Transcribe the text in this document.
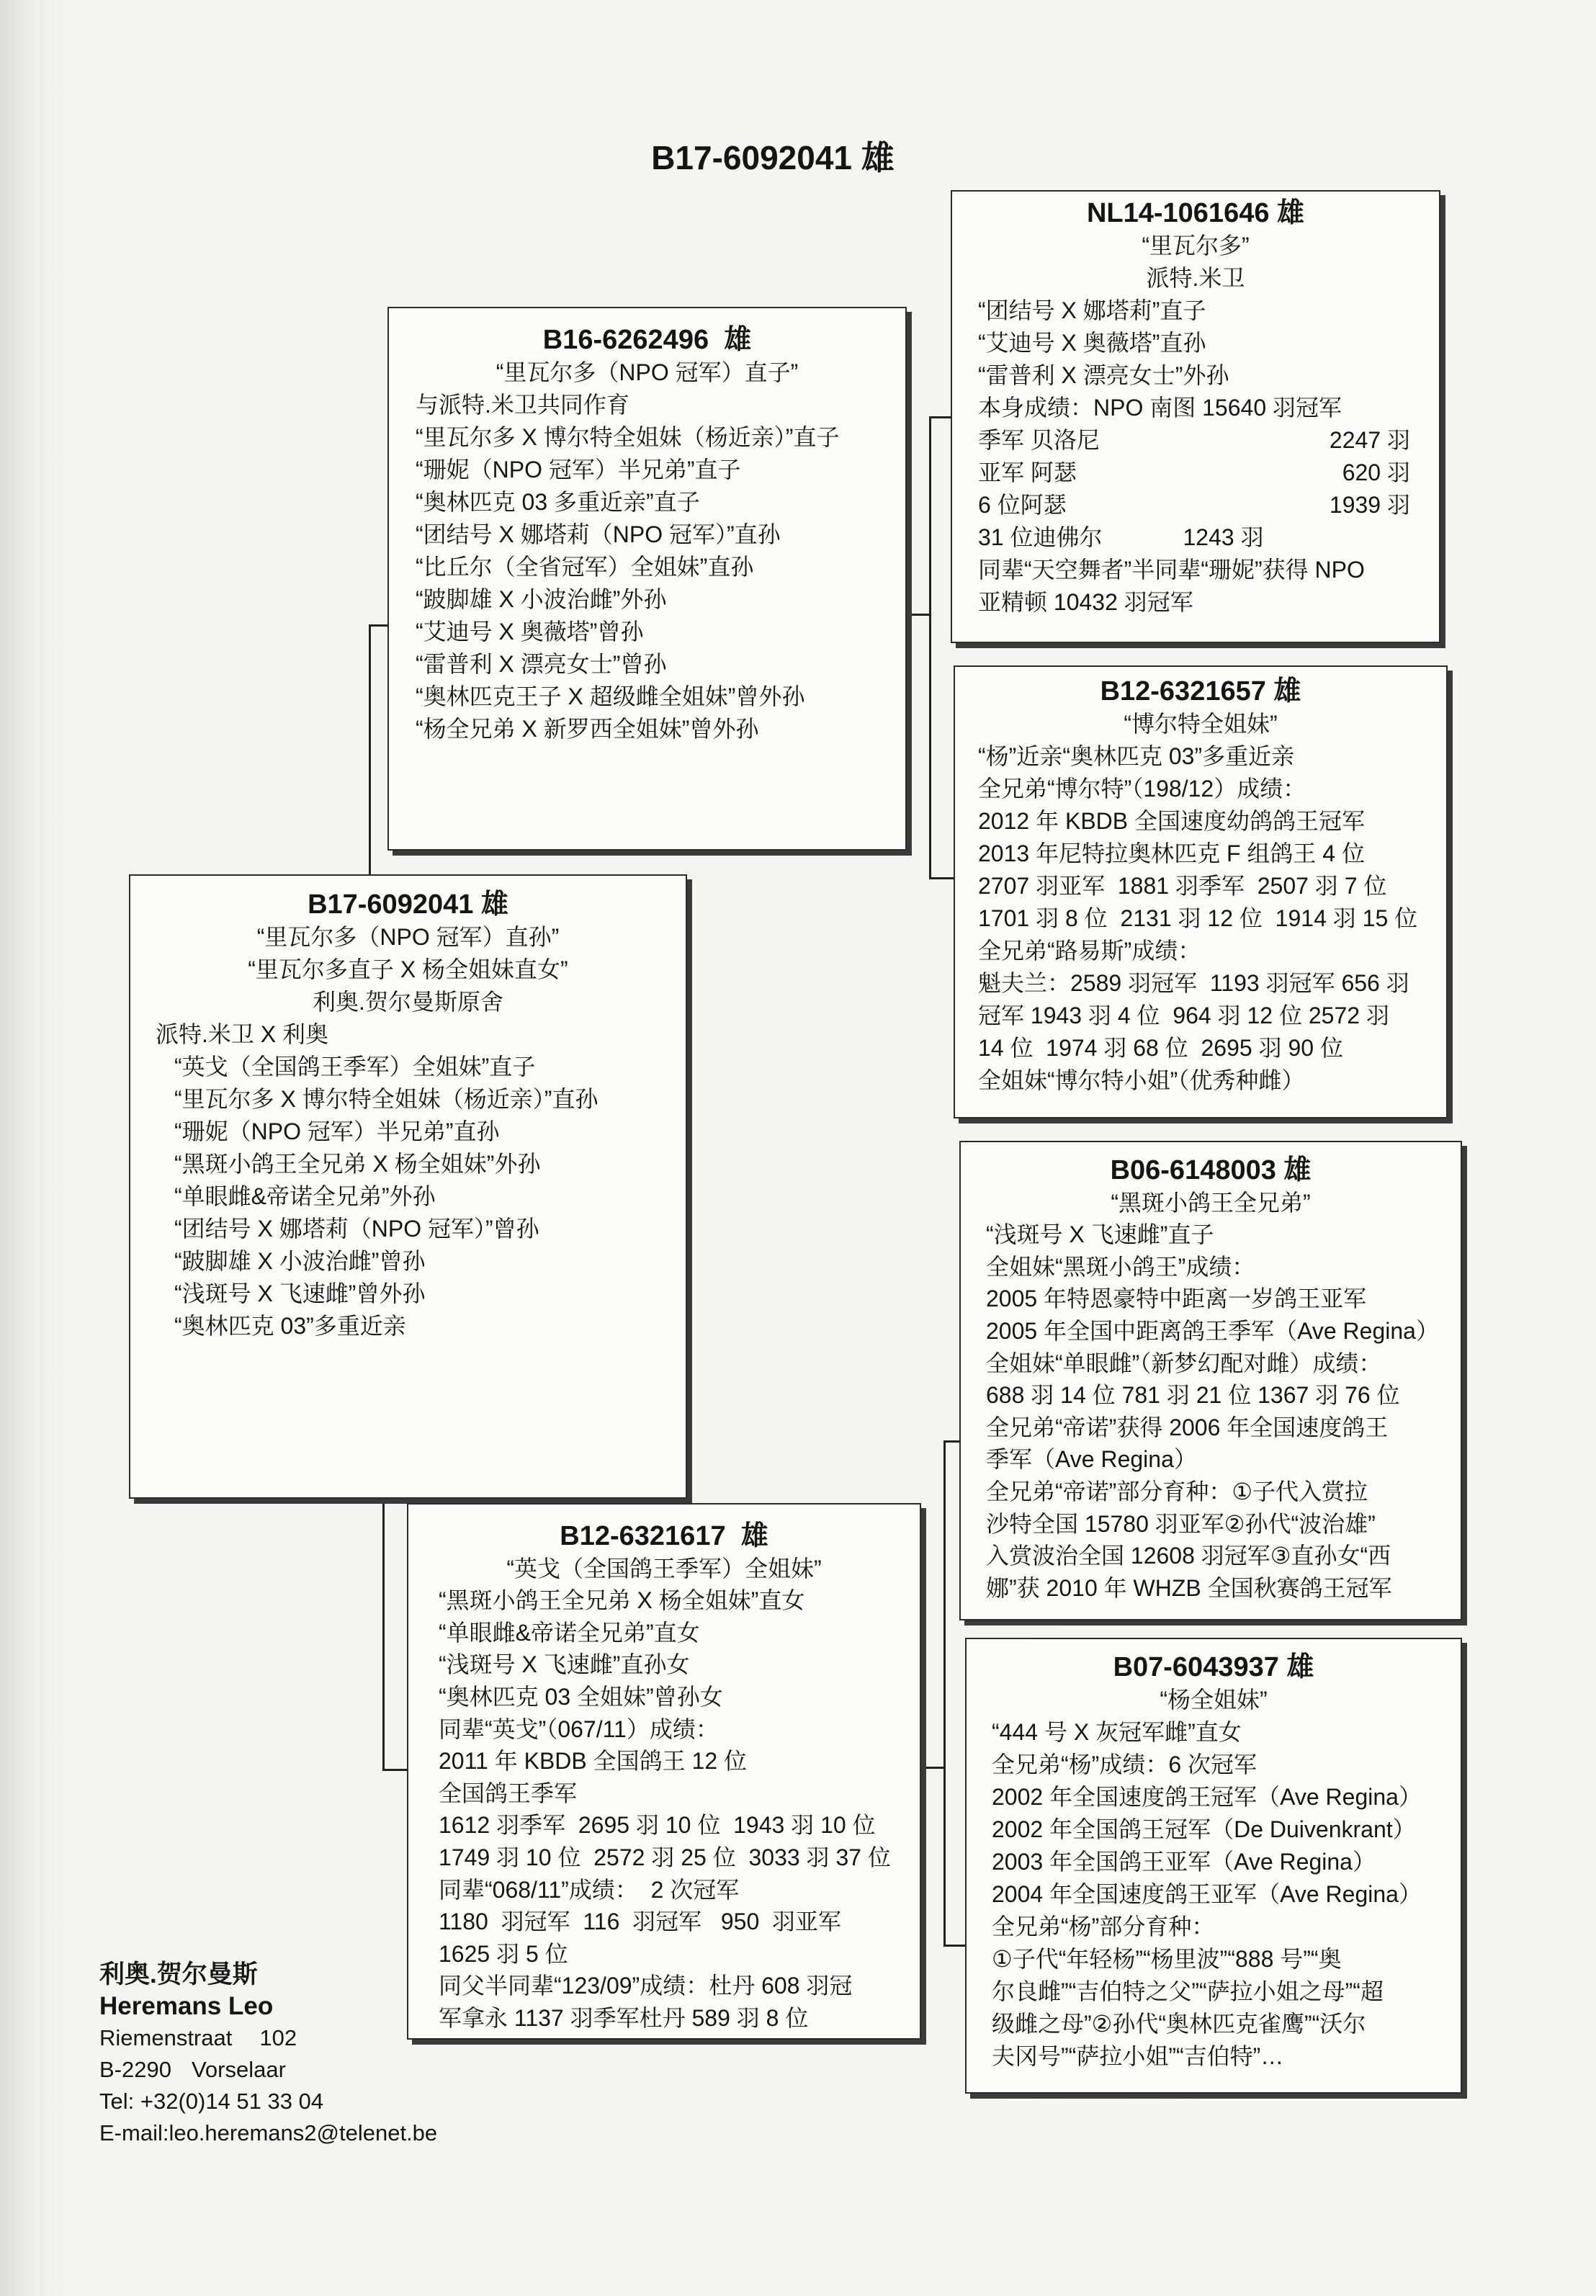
B17-6092041 雄
NL14-1061646 雄
“里瓦尔多”
派特.米卫
“团结号 X 娜塔莉”直子
“艾迪号 X 奥薇塔”直孙
“雷普利 X 漂亮女士”外孙
本身成绩：NPO 南图 15640 羽冠军
季军 贝洛尼	2247 羽
亚军 阿瑟	620 羽
6 位阿瑟	1939 羽
31 位迪佛尔	1243 羽
同辈“天空舞者”半同辈“珊妮”获得 NPO
亚精顿 10432 羽冠军
B16-6262496  雄
“里瓦尔多（NPO 冠军）直子”
与派特.米卫共同作育
“里瓦尔多 X 博尔特全姐妹（杨近亲）”直子
“珊妮（NPO 冠军）半兄弟”直子
“奥林匹克 03 多重近亲”直子
“团结号 X 娜塔莉（NPO 冠军）”直孙
“比丘尔（全省冠军）全姐妹”直孙
“跛脚雄 X 小波治雌”外孙
“艾迪号 X 奥薇塔”曾孙
“雷普利 X 漂亮女士”曾孙
“奥林匹克王子 X 超级雌全姐妹”曾外孙
“杨全兄弟 X 新罗西全姐妹”曾外孙
B12-6321657 雄
“博尔特全姐妹”
“杨”近亲“奥林匹克 03”多重近亲
全兄弟“博尔特”（198/12）成绩：
2012 年 KBDB 全国速度幼鸽鸽王冠军
2013 年尼特拉奥林匹克 F 组鸽王 4 位
2707 羽亚军  1881 羽季军  2507 羽 7 位
1701 羽 8 位  2131 羽 12 位  1914 羽 15 位
全兄弟“路易斯”成绩：
魁夫兰：2589 羽冠军  1193 羽冠军 656 羽
冠军 1943 羽 4 位  964 羽 12 位 2572 羽
14 位  1974 羽 68 位  2695 羽 90 位
全姐妹“博尔特小姐”（优秀种雌）
B17-6092041 雄
“里瓦尔多（NPO 冠军）直孙”
“里瓦尔多直子 X 杨全姐妹直女”
利奥.贺尔曼斯原舍
派特.米卫 X 利奥
“英戈（全国鸽王季军）全姐妹”直子
“里瓦尔多 X 博尔特全姐妹（杨近亲）”直孙
“珊妮（NPO 冠军）半兄弟”直孙
“黑斑小鸽王全兄弟 X 杨全姐妹”外孙
“单眼雌&帝诺全兄弟”外孙
“团结号 X 娜塔莉（NPO 冠军）”曾孙
“跛脚雄 X 小波治雌”曾孙
“浅斑号 X 飞速雌”曾外孙
“奥林匹克 03”多重近亲
B06-6148003 雄
“黑斑小鸽王全兄弟”
“浅斑号 X 飞速雌”直子
全姐妹“黑斑小鸽王”成绩：
2005 年特恩豪特中距离一岁鸽王亚军
2005 年全国中距离鸽王季军（Ave Regina）
全姐妹“单眼雌”（新梦幻配对雌）成绩：
688 羽 14 位 781 羽 21 位 1367 羽 76 位
全兄弟“帝诺”获得 2006 年全国速度鸽王
季军（Ave Regina）
全兄弟“帝诺”部分育种：①子代入赏拉
沙特全国 15780 羽亚军②孙代“波治雄”
入赏波治全国 12608 羽冠军③直孙女“西
娜”获 2010 年 WHZB 全国秋赛鸽王冠军
B12-6321617  雄
“英戈（全国鸽王季军）全姐妹”
“黑斑小鸽王全兄弟 X 杨全姐妹”直女
“单眼雌&帝诺全兄弟”直女
“浅斑号 X 飞速雌”直孙女
“奥林匹克 03 全姐妹”曾孙女
同辈“英戈”（067/11）成绩：
2011 年 KBDB 全国鸽王 12 位
全国鸽王季军
1612 羽季军  2695 羽 10 位  1943 羽 10 位
1749 羽 10 位  2572 羽 25 位  3033 羽 37 位
同辈“068/11”成绩：  2 次冠军
1180  羽冠军  116  羽冠军   950  羽亚军
1625 羽 5 位
同父半同辈“123/09”成绩：杜丹 608 羽冠
军拿永 1137 羽季军杜丹 589 羽 8 位
B07-6043937 雄
“杨全姐妹”
“444 号 X 灰冠军雌”直女
全兄弟“杨”成绩：6 次冠军
2002 年全国速度鸽王冠军（Ave Regina）
2002 年全国鸽王冠军（De Duivenkrant）
2003 年全国鸽王亚军（Ave Regina）
2004 年全国速度鸽王亚军（Ave Regina）
全兄弟“杨”部分育种：
①子代“年轻杨”“杨里波”“888 号”“奥
尔良雌”“吉伯特之父”“萨拉小姐之母”“超
级雌之母”②孙代“奥林匹克雀鹰”“沃尔
夫冈号”“萨拉小姐”“吉伯特”…
利奥.贺尔曼斯
Heremans Leo
Riemenstraat 102
B-2290 Vorselaar
Tel: +32(0)14 51 33 04
E-mail:leo.heremans2@telenet.be
